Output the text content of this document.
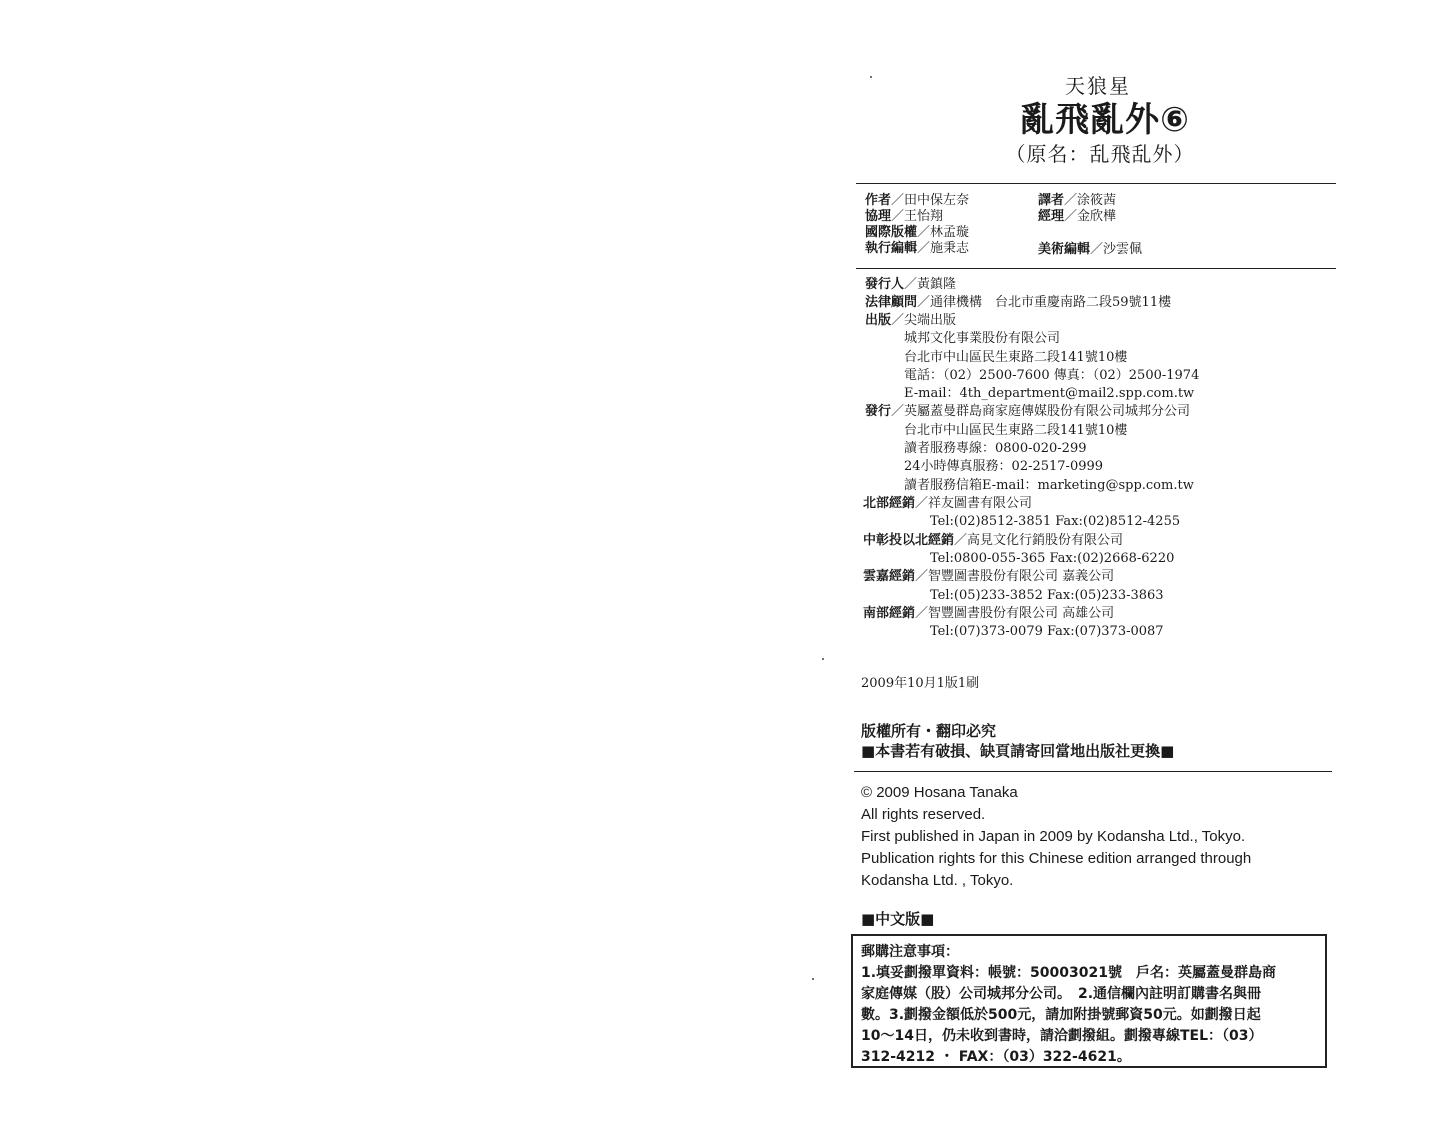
天狼星
亂飛亂外⑥
（原名：乱飛乱外）
作者／田中保左奈	譯者／涂筱茜
協理／王怡翔	經理／金欣樺
國際版權／林孟璇
執行編輯／施秉志	美術編輯／沙雲佩
發行人／黃鎮隆
法律顧問／通律機構　台北市重慶南路二段59號11樓
出版／尖端出版
城邦文化事業股份有限公司
台北市中山區民生東路二段141號10樓
電話：（02）2500-7600 傳真：（02）2500-1974
E-mail：4th_department@mail2.spp.com.tw
發行／英屬蓋曼群島商家庭傳媒股份有限公司城邦分公司
台北市中山區民生東路二段141號10樓
讀者服務專線：0800-020-299
24小時傳真服務：02-2517-0999
讀者服務信箱E-mail：marketing@spp.com.tw
北部經銷／祥友圖書有限公司
Tel:(02)8512-3851 Fax:(02)8512-4255
中彰投以北經銷／高見文化行銷股份有限公司
Tel:0800-055-365 Fax:(02)2668-6220
雲嘉經銷／智豐圖書股份有限公司 嘉義公司
Tel:(05)233-3852 Fax:(05)233-3863
南部經銷／智豐圖書股份有限公司 高雄公司
Tel:(07)373-0079 Fax:(07)373-0087
2009年10月1版1刷
版權所有・翻印必究
■本書若有破損、缺頁請寄回當地出版社更換■
© 2009 Hosana Tanaka
All rights reserved.
First published in Japan in 2009 by Kodansha Ltd., Tokyo.
Publication rights for this Chinese edition arranged through
Kodansha Ltd. , Tokyo.
■中文版■
郵購注意事項：
1.填妥劃撥單資料：帳號：50003021號　戶名：英屬蓋曼群島商
家庭傳媒（股）公司城邦分公司。　2.通信欄內註明訂購書名與冊
數。3.劃撥金額低於500元，請加附掛號郵資50元。如劃撥日起
10～14日，仍未收到書時，請洽劃撥組。劃撥專線TEL：（03）
312-4212 ・ FAX：（03）322-4621。
